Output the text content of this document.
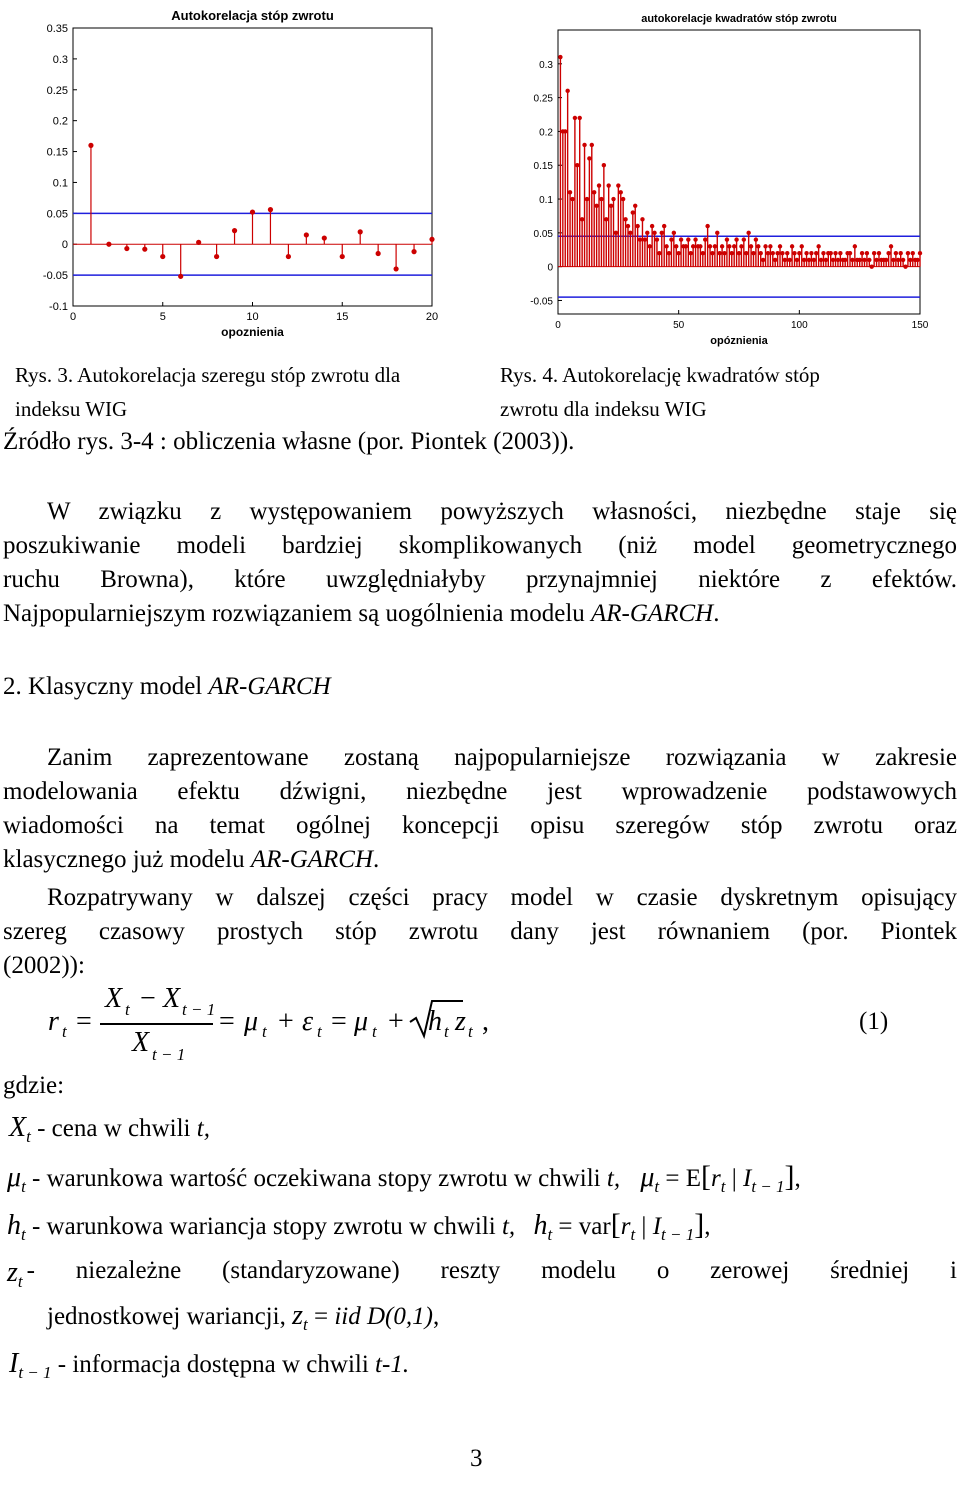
Autokorelacja stóp zwrotu
-0.1
-0.05
0
0.05
0.1
0.15
0.2
0.25
0.3
0.35
0	5	10	15	20
opoznienia
autokorelacje kwadratów stóp zwrotu
-0.05
0
0.05
0.1
0.15
0.2
0.25
0.3
0	50	100	150
opóznienia
Rys. 3. Autokorelacja szeregu stóp zwrotu dla
indeksu WIG
Rys. 4. Autokorelację kwadratów stóp
zwrotu dla indeksu WIG
Źródło rys. 3-4 : obliczenia własne (por. Piontek (2003)).
W związku z występowaniem powyższych własności, niezbędne staje się
poszukiwanie modeli bardziej skomplikowanych (niż model geometrycznego
ruchu Browna), które uwzględniałyby przynajmniej niektóre z efektów.
Najpopularniejszym rozwiązaniem są uogólnienia modelu AR-GARCH.
2. Klasyczny model AR-GARCH
Zanim zaprezentowane zostaną najpopularniejsze rozwiązania w zakresie
modelowania efektu dźwigni, niezbędne jest wprowadzenie podstawowych
wiadomości na temat ogólnej koncepcji opisu szeregów stóp zwrotu oraz
klasycznego już modelu AR-GARCH.
Rozpatrywany w dalszej części pracy model w czasie dyskretnym opisujący
szereg czasowy prostych stóp zwrotu dany jest równaniem (por. Piontek
(2002)):
r t =
X t − X t − 1
X t − 1
= μ t + ε t = μ t + h t z t ,	(1)
gdzie:
$X_t$ - cena w chwili t,
$\mu_t$ - warunkowa wartość oczekiwana stopy zwrotu w chwili t, $\mu_t = E[r_t$ | $I_{t - 1}$],
$h_t$ - warunkowa wariancja stopy zwrotu w chwili t, $h_t = var[r_t$ | $I_{t - 1}$],
$z_t$ - niezależne (standaryzowane) reszty modelu o zerowej średniej i
jednostkowej wariancji, $z_t$ = iid D(0,1),
$I_{t - 1}$ - informacja dostępna w chwili t-1.
3
